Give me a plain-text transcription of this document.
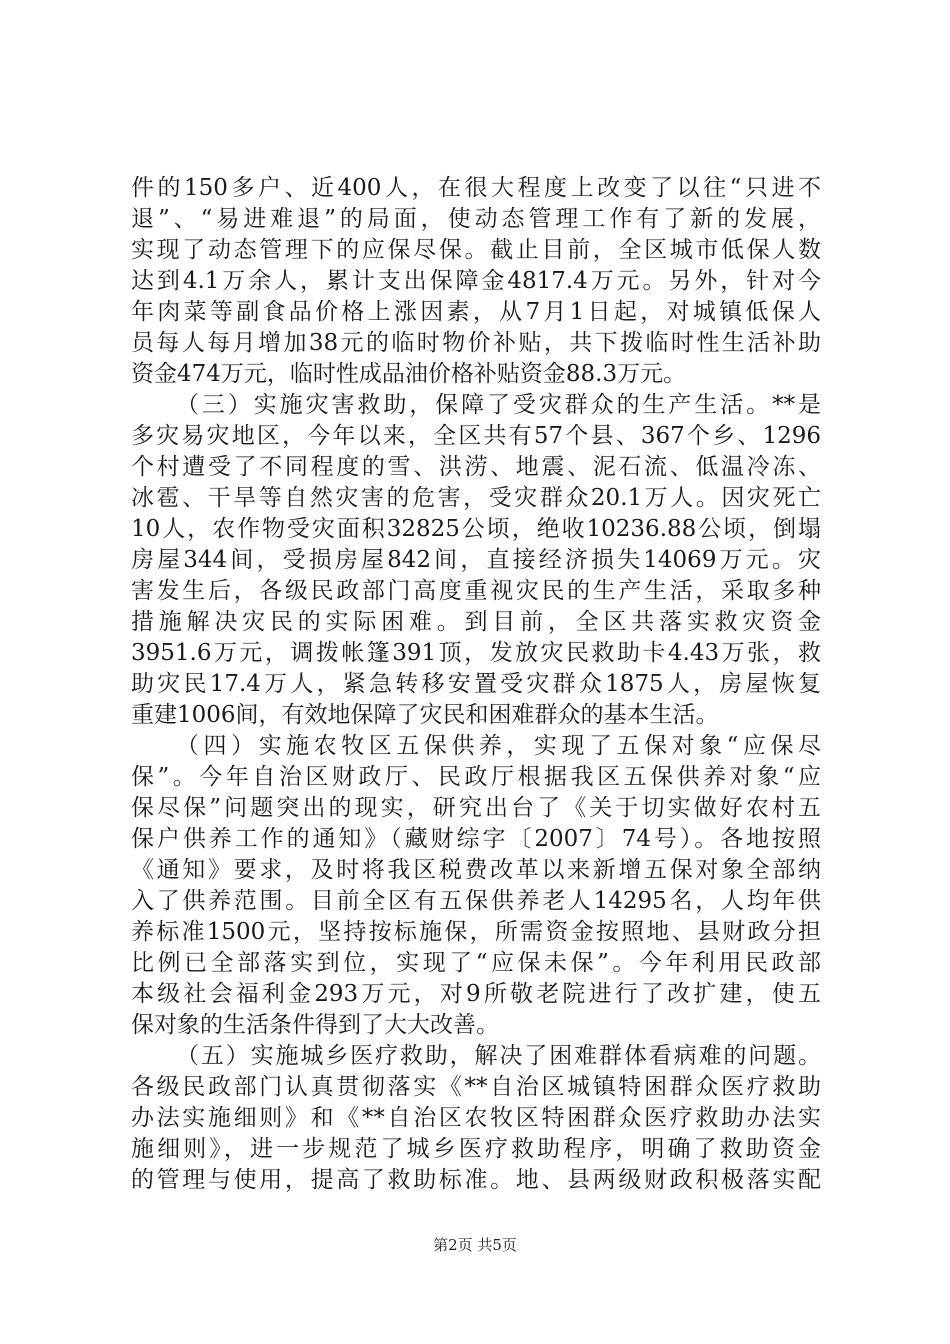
件的150多户、近400人，在很大程度上改变了以往“只进不
退”、“易进难退”的局面，使动态管理工作有了新的发展，
实现了动态管理下的应保尽保。截止目前，全区城市低保人数
达到4.1万余人，累计支出保障金4817.4万元。另外，针对今
年肉菜等副食品价格上涨因素，从7月1日起，对城镇低保人
员每人每月增加38元的临时物价补贴，共下拨临时性生活补助
资金474万元，临时性成品油价格补贴资金88.3万元。
（三）实施灾害救助，保障了受灾群众的生产生活。**是
多灾易灾地区，今年以来，全区共有57个县、367个乡、1296
个村遭受了不同程度的雪、洪涝、地震、泥石流、低温冷冻、
冰雹、干旱等自然灾害的危害，受灾群众20.1万人。因灾死亡
10人，农作物受灾面积32825公顷，绝收10236.88公顷，倒塌
房屋344间，受损房屋842间，直接经济损失14069万元。灾
害发生后，各级民政部门高度重视灾民的生产生活，采取多种
措施解决灾民的实际困难。到目前，全区共落实救灾资金
3951.6万元，调拨帐篷391顶，发放灾民救助卡4.43万张，救
助灾民17.4万人，紧急转移安置受灾群众1875人，房屋恢复
重建1006间，有效地保障了灾民和困难群众的基本生活。
（四）实施农牧区五保供养，实现了五保对象“应保尽
保”。今年自治区财政厅、民政厅根据我区五保供养对象“应
保尽保”问题突出的现实，研究出台了《关于切实做好农村五
保户供养工作的通知》（藏财综字〔2007〕74号）。各地按照
《通知》要求，及时将我区税费改革以来新增五保对象全部纳
入了供养范围。目前全区有五保供养老人14295名，人均年供
养标准1500元，坚持按标施保，所需资金按照地、县财政分担
比例已全部落实到位，实现了“应保未保”。今年利用民政部
本级社会福利金293万元，对9所敬老院进行了改扩建，使五
保对象的生活条件得到了大大改善。
（五）实施城乡医疗救助，解决了困难群体看病难的问题。
第2页 共5页
各级民政部门认真贯彻落实《**自治区城镇特困群众医疗救助
办法实施细则》和《**自治区农牧区特困群众医疗救助办法实
施细则》，进一步规范了城乡医疗救助程序，明确了救助资金
的管理与使用，提高了救助标准。地、县两级财政积极落实配
